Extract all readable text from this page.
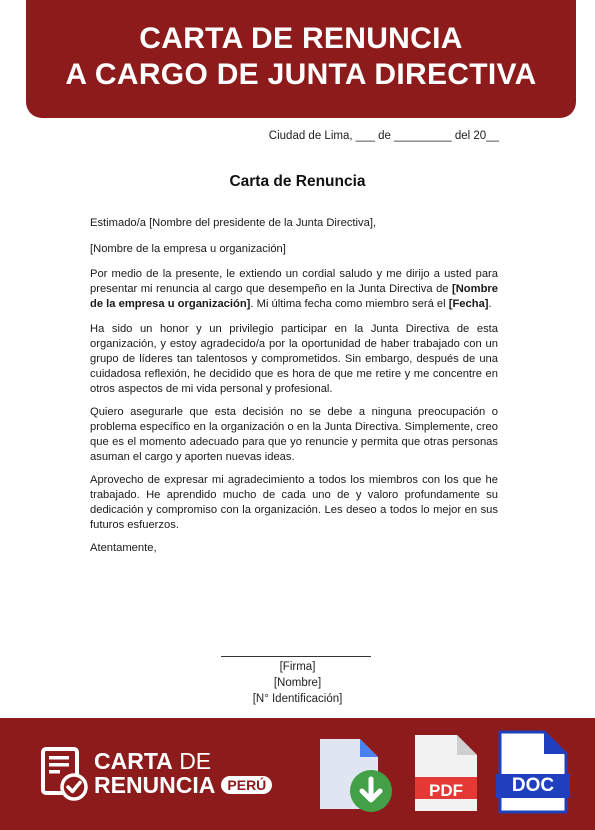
CARTA DE RENUNCIA
A CARGO DE JUNTA DIRECTIVA
Ciudad de Lima, ___ de _________ del 20__
Carta de Renuncia

Estimado/a [Nombre del presidente de la Junta Directiva],

[Nombre de la empresa u organización]

Por medio de la presente, le extiendo un cordial saludo y me dirijo a usted para presentar mi renuncia al cargo que desempeño en la Junta Directiva de [Nombre de la empresa u organización]. Mi última fecha como miembro será el [Fecha].

Ha sido un honor y un privilegio participar en la Junta Directiva de esta organización, y estoy agradecido/a por la oportunidad de haber trabajado con un grupo de líderes tan talentosos y comprometidos. Sin embargo, después de una cuidadosa reflexión, he decidido que es hora de que me retire y me concentre en otros aspectos de mi vida personal y profesional.

Quiero asegurarle que esta decisión no se debe a ninguna preocupación o problema específico en la organización o en la Junta Directiva. Simplemente, creo que es el momento adecuado para que yo renuncie y permita que otras personas asuman el cargo y aporten nuevas ideas.

Aprovecho de expresar mi agradecimiento a todos los miembros con los que he trabajado. He aprendido mucho de cada uno de y valoro profundamente su dedicación y compromiso con la organización. Les deseo a todos lo mejor en sus futuros esfuerzos.

Atentamente,

[Firma]
[Nombre]
[N° Identificación]
CARTA DE
RENUNCIA PERÚ	PDF	DOC
